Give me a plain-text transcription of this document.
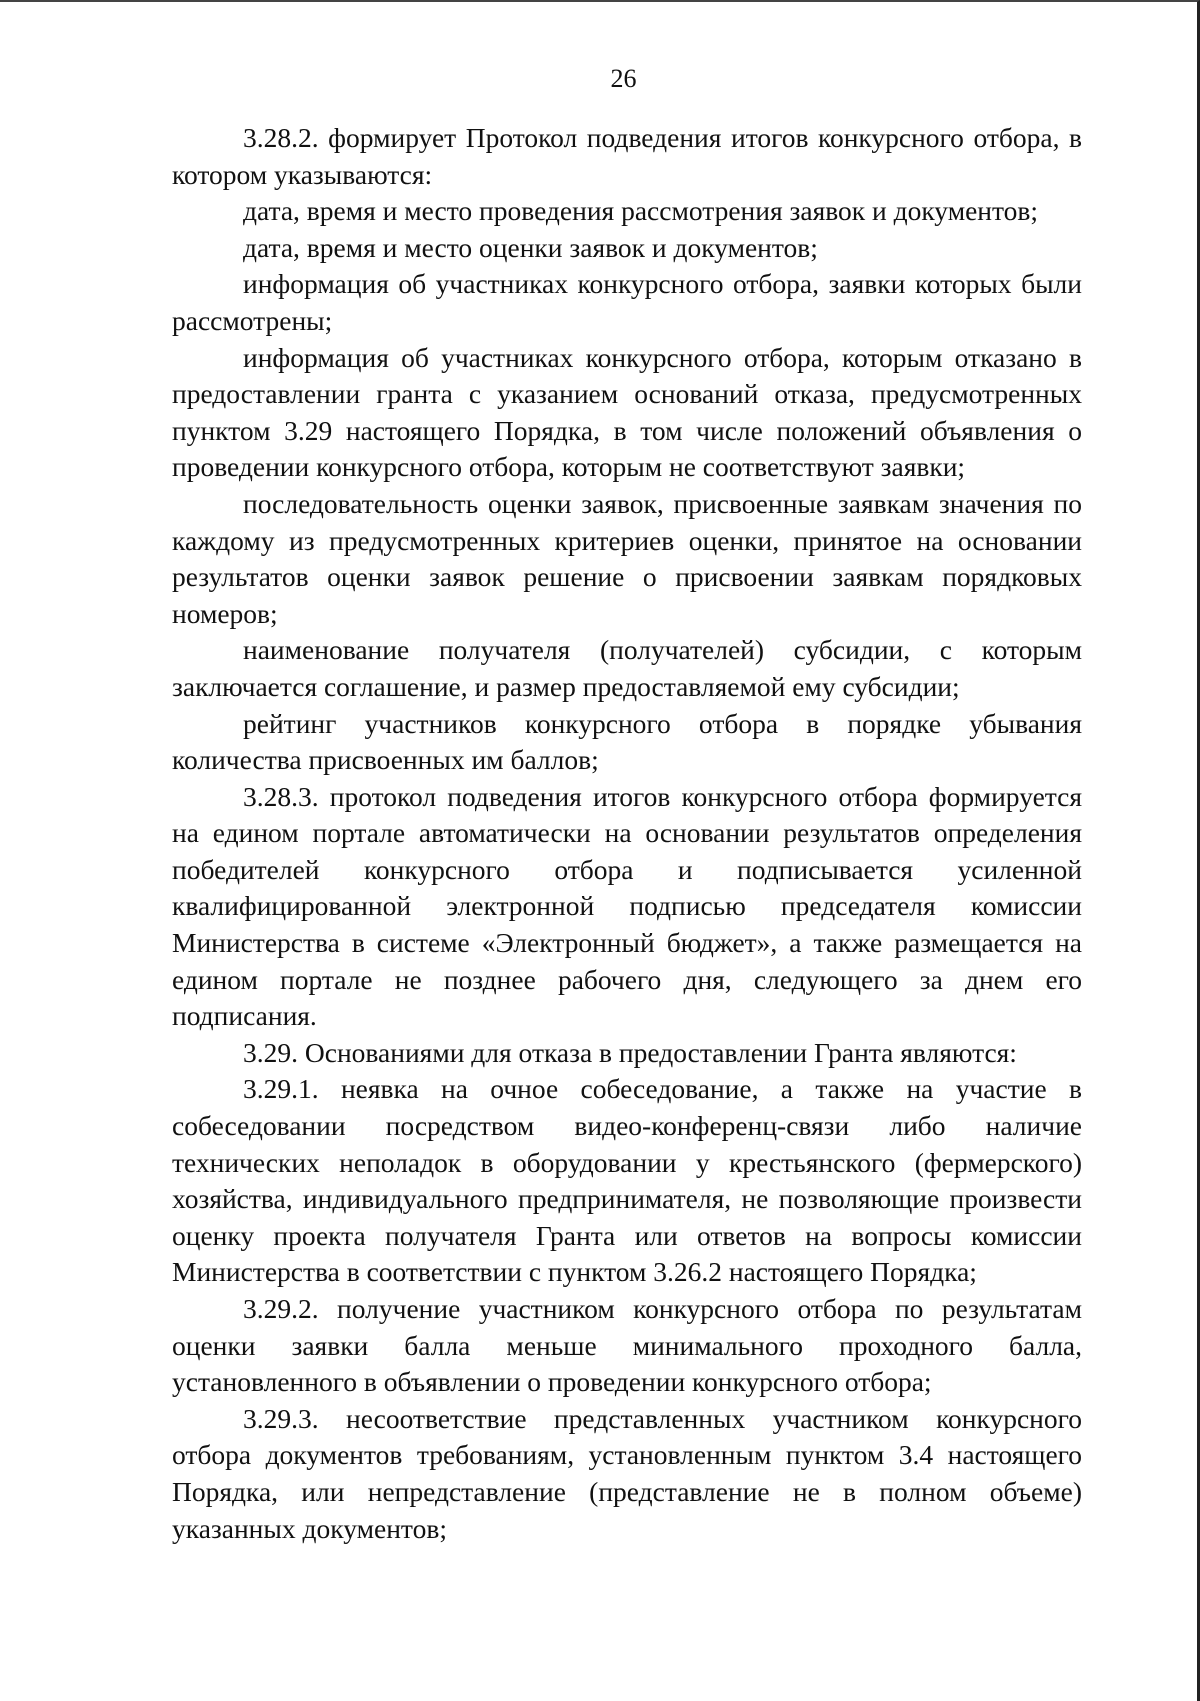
26

3.28.2. формирует Протокол подведения итогов конкурсного отбора, в котором указываются:

дата, время и место проведения рассмотрения заявок и документов;

дата, время и место оценки заявок и документов;

информация об участниках конкурсного отбора, заявки которых были рассмотрены;

информация об участниках конкурсного отбора, которым отказано в предоставлении гранта с указанием оснований отказа, предусмотренных пунктом 3.29 настоящего Порядка, в том числе положений объявления о проведении конкурсного отбора, которым не соответствуют заявки;

последовательность оценки заявок, присвоенные заявкам значения по каждому из предусмотренных критериев оценки, принятое на основании результатов оценки заявок решение о присвоении заявкам порядковых номеров;

наименование получателя (получателей) субсидии, с которым заключается соглашение, и размер предоставляемой ему субсидии;

рейтинг участников конкурсного отбора в порядке убывания количества присвоенных им баллов;

3.28.3. протокол подведения итогов конкурсного отбора формируется на едином портале автоматически на основании результатов определения победителей конкурсного отбора и подписывается усиленной квалифицированной электронной подписью председателя комиссии Министерства в системе «Электронный бюджет», а также размещается на едином портале не позднее рабочего дня, следующего за днем его подписания.

3.29. Основаниями для отказа в предоставлении Гранта являются:

3.29.1. неявка на очное собеседование, а также на участие в собеседовании посредством видео-конференц-связи либо наличие технических неполадок в оборудовании у крестьянского (фермерского) хозяйства, индивидуального предпринимателя, не позволяющие произвести оценку проекта получателя Гранта или ответов на вопросы комиссии Министерства в соответствии с пунктом 3.26.2 настоящего Порядка;

3.29.2. получение участником конкурсного отбора по результатам оценки заявки балла меньше минимального проходного балла, установленного в объявлении о проведении конкурсного отбора;

3.29.3. несоответствие представленных участником конкурсного отбора документов требованиям, установленным пунктом 3.4 настоящего Порядка, или непредставление (представление не в полном объеме) указанных документов;
